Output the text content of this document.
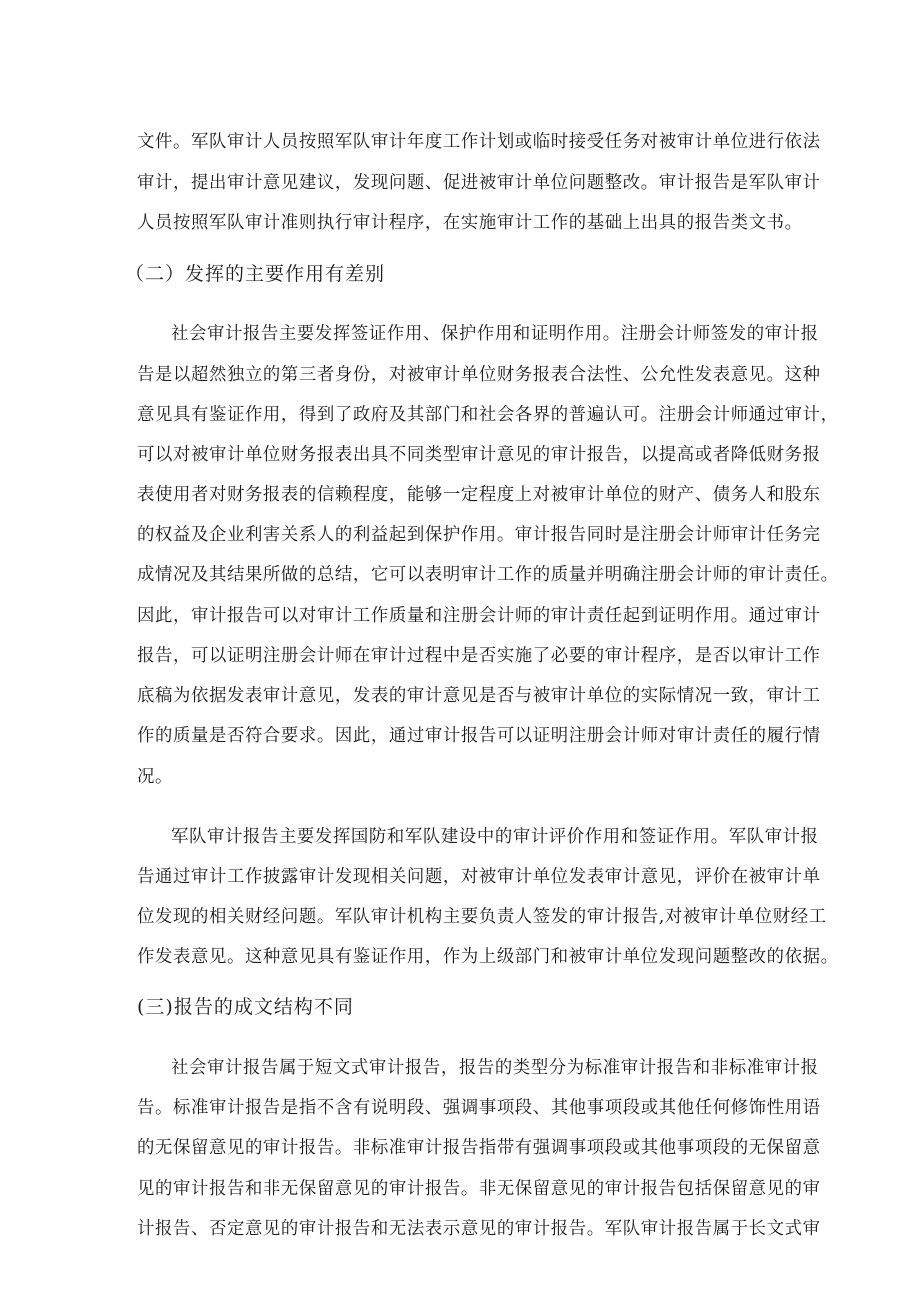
文件。军队审计人员按照军队审计年度工作计划或临时接受任务对被审计单位进行依法
审计，提出审计意见建议，发现问题、促进被审计单位问题整改。审计报告是军队审计
人员按照军队审计准则执行审计程序，在实施审计工作的基础上出具的报告类文书。
（二）发挥的主要作用有差别
社会审计报告主要发挥签证作用、保护作用和证明作用。注册会计师签发的审计报
告是以超然独立的第三者身份，对被审计单位财务报表合法性、公允性发表意见。这种
意见具有鉴证作用，得到了政府及其部门和社会各界的普遍认可。注册会计师通过审计，
可以对被审计单位财务报表出具不同类型审计意见的审计报告，以提高或者降低财务报
表使用者对财务报表的信赖程度，能够一定程度上对被审计单位的财产、债务人和股东
的权益及企业利害关系人的利益起到保护作用。审计报告同时是注册会计师审计任务完
成情况及其结果所做的总结，它可以表明审计工作的质量并明确注册会计师的审计责任。
因此，审计报告可以对审计工作质量和注册会计师的审计责任起到证明作用。通过审计
报告，可以证明注册会计师在审计过程中是否实施了必要的审计程序，是否以审计工作
底稿为依据发表审计意见，发表的审计意见是否与被审计单位的实际情况一致，审计工
作的质量是否符合要求。因此，通过审计报告可以证明注册会计师对审计责任的履行情
况。
军队审计报告主要发挥国防和军队建设中的审计评价作用和签证作用。军队审计报
告通过审计工作披露审计发现相关问题，对被审计单位发表审计意见，评价在被审计单
位发现的相关财经问题。军队审计机构主要负责人签发的审计报告,对被审计单位财经工
作发表意见。这种意见具有鉴证作用，作为上级部门和被审计单位发现问题整改的依据。
(三)报告的成文结构不同
社会审计报告属于短文式审计报告，报告的类型分为标准审计报告和非标准审计报
告。标准审计报告是指不含有说明段、强调事项段、其他事项段或其他任何修饰性用语
的无保留意见的审计报告。非标准审计报告指带有强调事项段或其他事项段的无保留意
见的审计报告和非无保留意见的审计报告。非无保留意见的审计报告包括保留意见的审
计报告、否定意见的审计报告和无法表示意见的审计报告。军队审计报告属于长文式审
